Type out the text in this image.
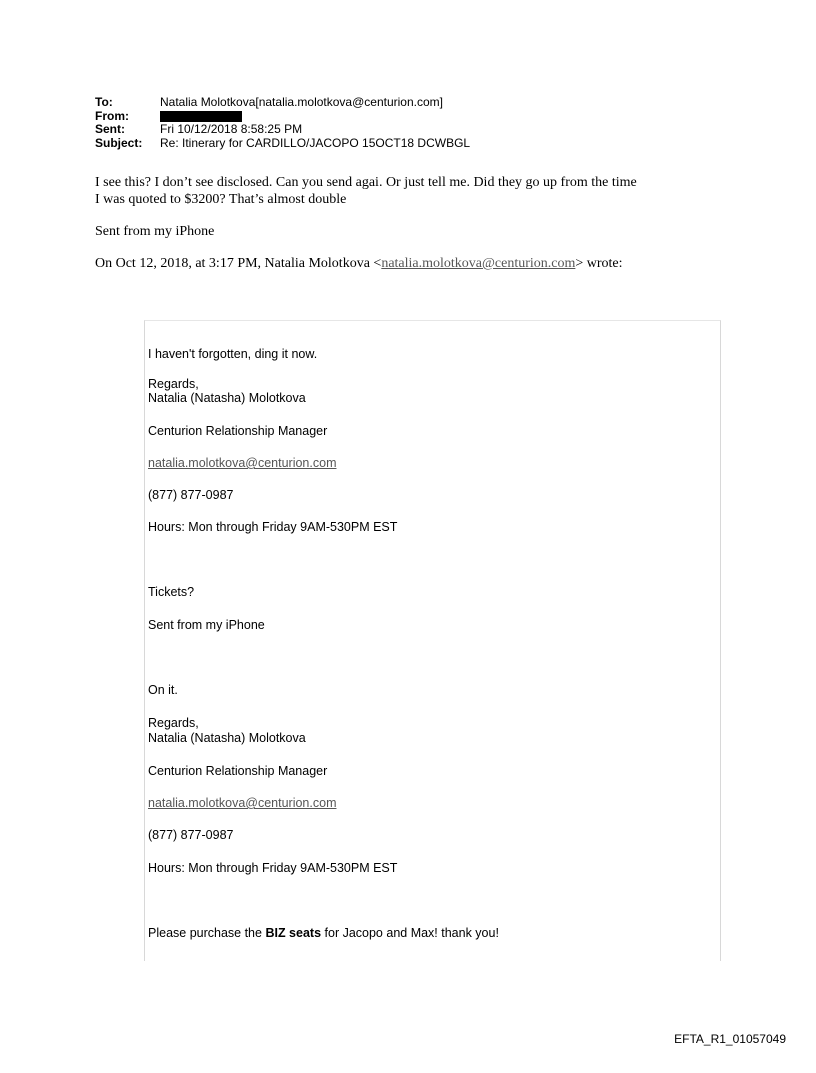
To:	Natalia Molotkova[natalia.molotkova@centurion.com]
From:
Sent:	Fri 10/12/2018 8:58:25 PM
Subject:	Re: Itinerary for CARDILLO/JACOPO 15OCT18 DCWBGL

I see this? I don’t see disclosed. Can you send agai. Or just tell me. Did they go up from the time

I was quoted to $3200? That’s almost double

Sent from my iPhone

On Oct 12, 2018, at 3:17 PM, Natalia Molotkova <natalia.molotkova@centurion.com> wrote:

I haven't forgotten, ding it now.
Regards,
Natalia (Natasha) Molotkova
Centurion Relationship Manager
natalia.molotkova@centurion.com
(877) 877-0987
Hours: Mon through Friday 9AM-530PM EST
Tickets?
Sent from my iPhone
On it.
Regards,
Natalia (Natasha) Molotkova
Centurion Relationship Manager
natalia.molotkova@centurion.com
(877) 877-0987
Hours: Mon through Friday 9AM-530PM EST
Please purchase the BIZ seats for Jacopo and Max! thank you!
EFTA_R1_01057049
